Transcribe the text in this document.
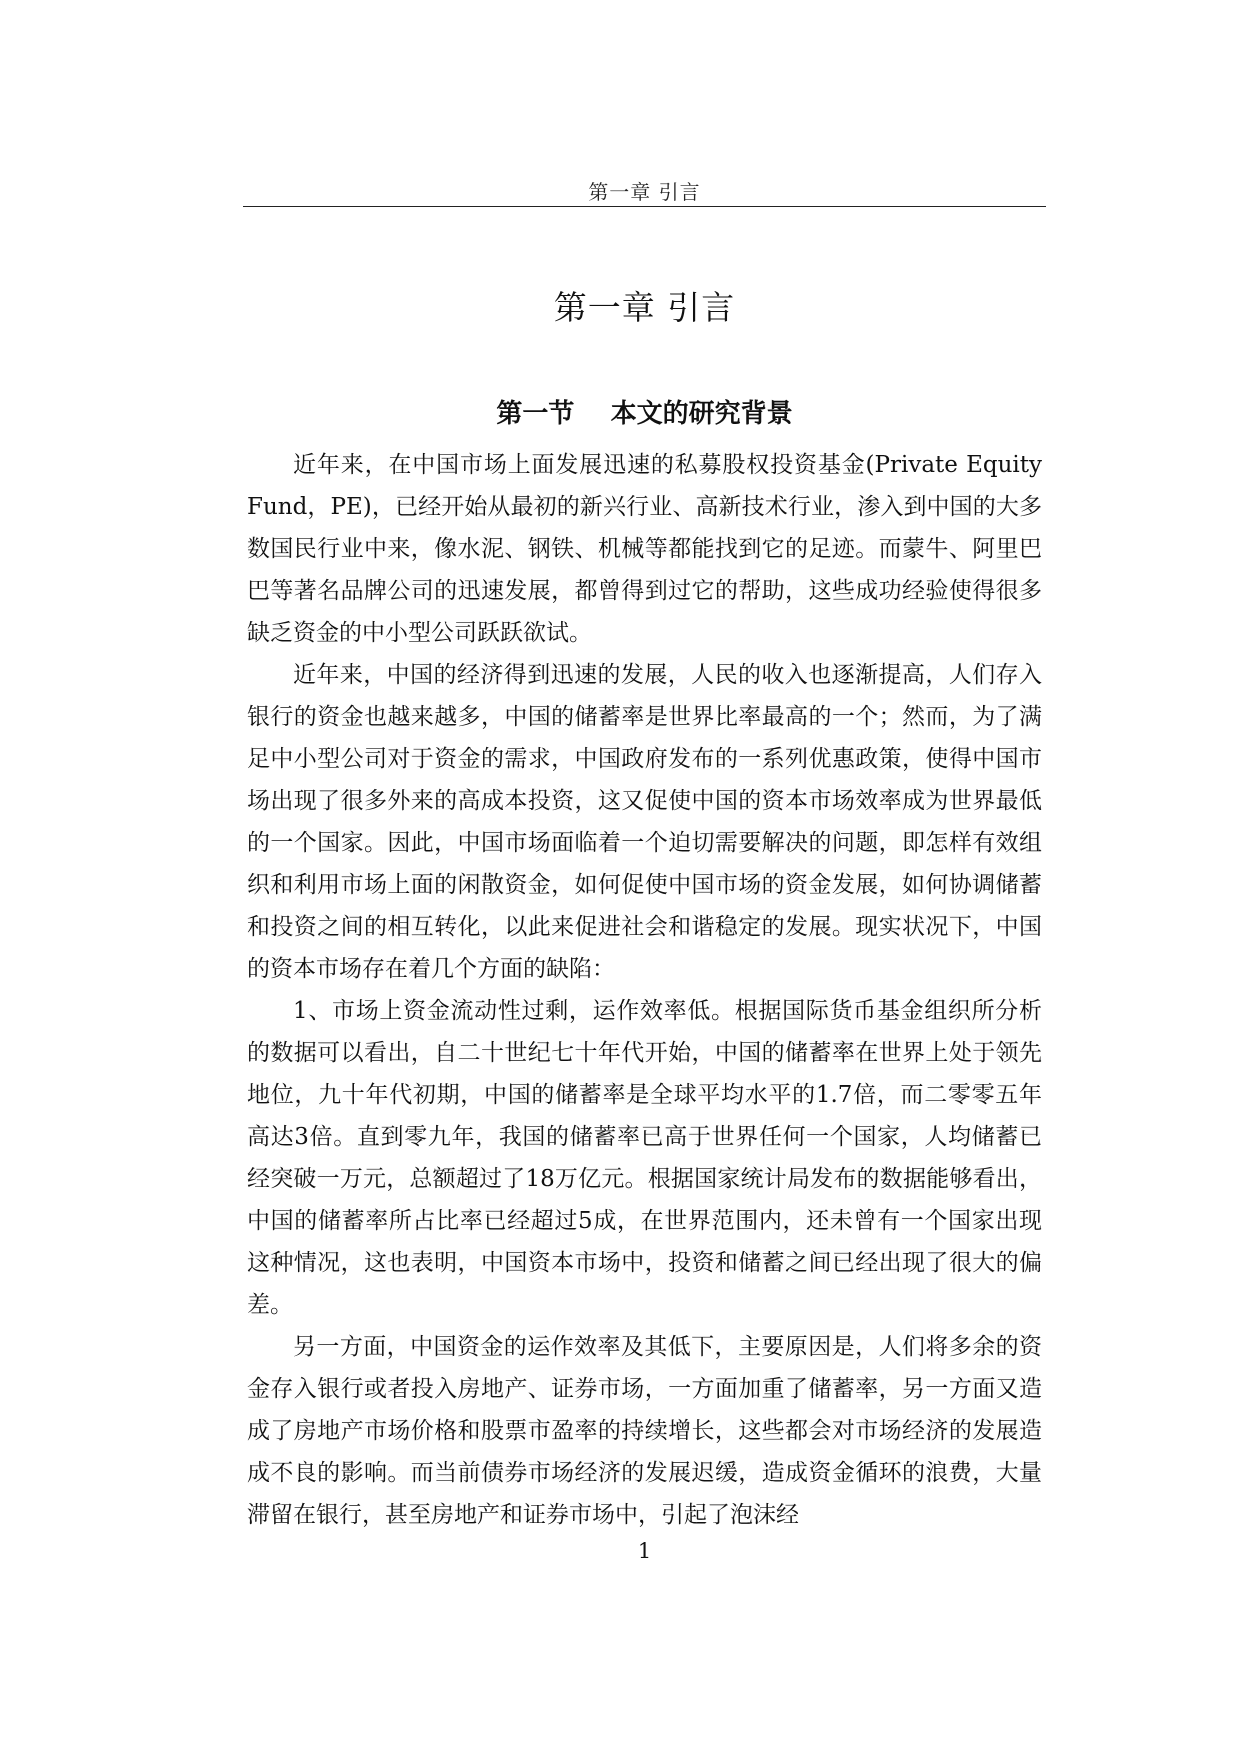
第一章 引言
第一章 引言
第一节    本文的研究背景

近年来，在中国市场上面发展迅速的私募股权投资基金(Private Equity Fund，PE)，已经开始从最初的新兴行业、高新技术行业，渗入到中国的大多数国民行业中来，像水泥、钢铁、机械等都能找到它的足迹。而蒙牛、阿里巴巴等著名品牌公司的迅速发展，都曾得到过它的帮助，这些成功经验使得很多缺乏资金的中小型公司跃跃欲试。

近年来，中国的经济得到迅速的发展，人民的收入也逐渐提高，人们存入银行的资金也越来越多，中国的储蓄率是世界比率最高的一个；然而，为了满足中小型公司对于资金的需求，中国政府发布的一系列优惠政策，使得中国市场出现了很多外来的高成本投资，这又促使中国的资本市场效率成为世界最低的一个国家。因此，中国市场面临着一个迫切需要解决的问题，即怎样有效组织和利用市场上面的闲散资金，如何促使中国市场的资金发展，如何协调储蓄和投资之间的相互转化，以此来促进社会和谐稳定的发展。现实状况下，中国的资本市场存在着几个方面的缺陷：

1、市场上资金流动性过剩，运作效率低。根据国际货币基金组织所分析的数据可以看出，自二十世纪七十年代开始，中国的储蓄率在世界上处于领先地位，九十年代初期，中国的储蓄率是全球平均水平的1.7倍，而二零零五年高达3倍。直到零九年，我国的储蓄率已高于世界任何一个国家，人均储蓄已经突破一万元，总额超过了18万亿元。根据国家统计局发布的数据能够看出，中国的储蓄率所占比率已经超过5成，在世界范围内，还未曾有一个国家出现这种情况，这也表明，中国资本市场中，投资和储蓄之间已经出现了很大的偏差。

另一方面，中国资金的运作效率及其低下，主要原因是，人们将多余的资金存入银行或者投入房地产、证券市场，一方面加重了储蓄率，另一方面又造成了房地产市场价格和股票市盈率的持续增长，这些都会对市场经济的发展造成不良的影响。而当前债券市场经济的发展迟缓，造成资金循环的浪费，大量滞留在银行，甚至房地产和证券市场中，引起了泡沫经

1
